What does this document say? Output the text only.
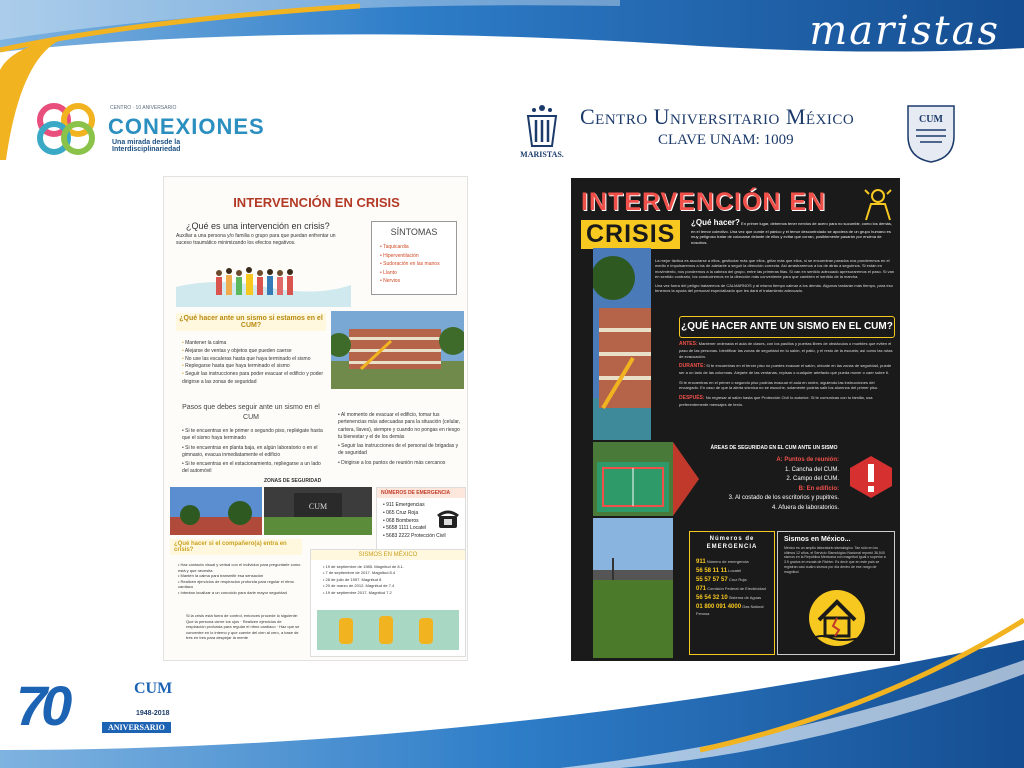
maristas
CENTRO · 10 ANIVERSARIO
CONEXIONES
Una mirada desde la Interdisciplinariedad
MARISTAS.
Centro Universitario México
CLAVE UNAM: 1009
CUM
INTERVENCIÓN EN CRISIS
¿Qué es una intervención en crisis?
Auxiliar a una persona y/o familia o grupo para que puedan enfrentar un suceso traumático minimizando los efectos negativos.
SÍNTOMAS
• Taquicardia
• Hiperventilación
• Sudoración en las manos
• Llanto
• Nervios
¿Qué hacer ante un sismo si estamos en el CUM?
• Mantener la calma
• Alejarse de ventas y objetos que pueden caerse
• No use las escaleras hasta que haya terminado el sismo
• Replegarse hasta que haya terminado el sismo
• Seguir las instrucciones para poder evacuar el edificio y poder dirigirse a las zonas de seguridad
Pasos que debes seguir ante un sismo en el CUM
• Si te encuentras en le primer o segundo piso, repliégate hasta que el sismo haya terminado
• Si te encuentras en planta baja, en algún laboratorio o en el gimnasio, evacua inmediatamente el edificio
• Si te encuentras en el estacionamiento, repliegarse a un lado del automóvil
• Al momento de evacuar el edificio, tomar tus pertenencias más adecuadas para la situación (celular, cartera, llaves), siempre y cuando no pongas en riesgo tu bienestar y el de los demás
• Seguir las instrucciones de el personal de brigadas y de seguridad
• Dirigirse a los puntos de reunión más cercanos
ZONAS DE SEGURIDAD
CUM
NÚMEROS DE EMERGENCIA
• 911 Emergencias
• 065 Cruz Roja
• 068 Bomberos
• 5658 1111 Locatel
• 5683 2222 Protección Civil
¿Qué hacer si el compañero(a) entra en crisis?
• Haz contacto visual y verbal con el individuo para preguntarle como está y que necesita
• Mantén la calma para transmitir esa sensación
• Realicen ejercicios de respiración profunda para regular el ritmo cardiaco
• Intentan localizar a un conocido para darle mayor seguridad
Si la crisis está fuera de control, entonces procede lo siguiente: Que la persona cierre los ojos · Realicen ejercicios de respiración profunda para regular el ritmo cardiaco · Haz que se concentre en lo interno y que cuente del cien al cero, a base de tres en tres para despejar la mente
SISMOS EN MÉXICO
• 19 de septiembre de 1985. Magnitud de 8.1.
• 7 de septiembre de 2017. Magnitud 8.4
• 28 de julio de 1957. Magnitud 8
• 20 de marzo de 2012. Magnitud de 7.4
• 19 de septiembre 2017. Magnitud 7.2
INTERVENCIÓN EN
CRISIS	¿Qué hacer? En primer lugar, debemos tener nervios de acero para no sucumbir, como los demás, en el temor colectivo. Una vez que cunde el pánico y el temor descontrolado se apodera de un grupo humano es muy peligroso tratar de colocarse delante de ellos y evitar que corran, posiblemente pasarán por encima de nosotros.

La mejor táctica es asociarse a ellos, gesticular más que ellos, gritar más que ellos, si se encuentran parados nos ponderemos en el medio e impulsaremos a los de adelante a seguir la dirección correcta. Así arrastraremos a los de atrás a seguirnos. Si están en movimiento, nos pondremos a la cabeza del grupo, entre las primeras filas. Si van en sentido adecuado apresuraremos el paso. Si van en sentido contrario, los conduciremos en la dirección más conveniente para que cambien el sentido de la marcha.

Una vez fuera del peligro trataremos de CALMARNOS y al mismo tiempo calmar a los demás. Algunos tardarán más tiempo, para eso tenemos la ayuda del personal especializado que les dará el tratamiento adecuado.

¿QUÉ HACER ANTE UN SISMO EN EL CUM?

ANTES: Mantener ordenada el aula de clases, con los pasillos y puertas libres de obstáculos o muebles que eviten el paso de las personas. Identificar las zonas de seguridad en tu salón, el patio, y el resto de la escuela; así como las rutas de evacuación.

DURANTE: Si te encuentras en el tercer piso no puedes evacuar el salón, ubícate en las zonas de seguridad, puede ser a un lado de las columnas. Alejarte de las ventanas, repisas o cualquier artefacto que pueda mover o caer sobre ti.

Si te encuentras en el primer o segundo piso podrías evacuar el aula en orden, siguiendo las instrucciones del encargado. En caso de que la alerta sísmica no se escuche, solamente podrás salir los alumnos del primer piso.

DESPUÉS: No regresar al salón hasta que Protección Civil lo autorice. Si te comunicas con tu familia, usa preferentemente mensajes de texto.

ÁREAS DE SEGURIDAD EN EL CUM ANTE UN SISMO
A: Puntos de reunión:
1. Cancha del CUM.
2. Campo del CUM.
B: En edificio:
3. Al costado de los escritorios y pupitres.
4. Afuera de laboratorios.
Números de EMERGENCIA
911 Número de emergencia
56 58 11 11 Locatel
55 57 57 57 Cruz Roja
071 Comisión Federal de Electricidad
56 54 32 10 Sistema de Aguas
01 800 091 4000 Gas Natural Fenosa
Sismos en México...
México es un amplio laboratorio sismológico. Tan sólo en los últimos 12 años, el Servicio Sismológico Nacional reportó 36,540 sismos en la República Mexicana con magnitud igual o superior a 3.5 grados en escala de Richter. Es decir que en este país se registran casi cuatro sismos por día dentro de ese rango de magnitud.
70	CUM
1948-2018
ANIVERSARIO
